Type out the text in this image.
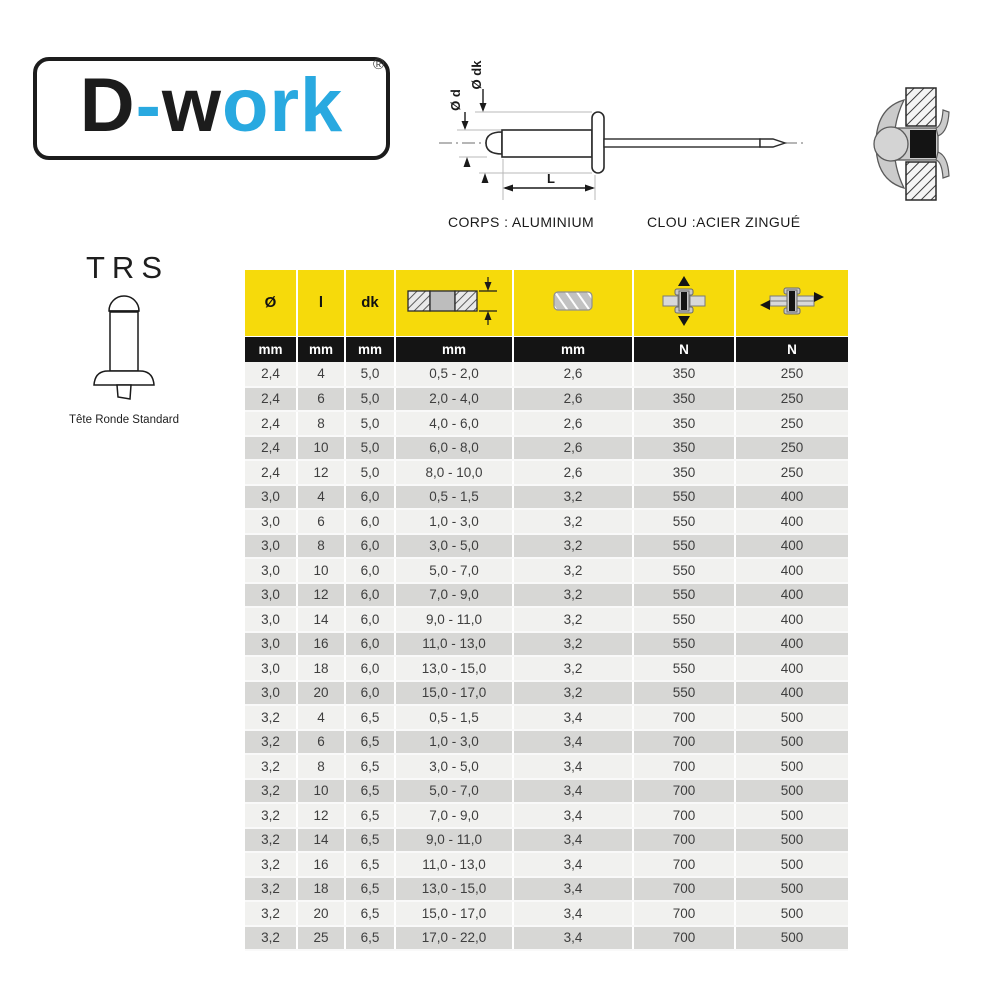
D-work ®
Ø d
Ø dk
L
CORPS : ALUMINIUM	CLOU :ACIER ZINGUÉ
TRS
Tête Ronde Standard
Ø	l	dk				
mm	mm	mm	mm	mm	N	N
2,4	4	5,0	0,5 - 2,0	2,6	350	250
2,4	6	5,0	2,0 - 4,0	2,6	350	250
2,4	8	5,0	4,0 - 6,0	2,6	350	250
2,4	10	5,0	6,0 - 8,0	2,6	350	250
2,4	12	5,0	8,0 - 10,0	2,6	350	250
3,0	4	6,0	0,5 - 1,5	3,2	550	400
3,0	6	6,0	1,0 - 3,0	3,2	550	400
3,0	8	6,0	3,0 - 5,0	3,2	550	400
3,0	10	6,0	5,0 - 7,0	3,2	550	400
3,0	12	6,0	7,0 - 9,0	3,2	550	400
3,0	14	6,0	9,0 - 11,0	3,2	550	400
3,0	16	6,0	11,0 - 13,0	3,2	550	400
3,0	18	6,0	13,0 - 15,0	3,2	550	400
3,0	20	6,0	15,0 - 17,0	3,2	550	400
3,2	4	6,5	0,5 - 1,5	3,4	700	500
3,2	6	6,5	1,0 - 3,0	3,4	700	500
3,2	8	6,5	3,0 - 5,0	3,4	700	500
3,2	10	6,5	5,0 - 7,0	3,4	700	500
3,2	12	6,5	7,0 - 9,0	3,4	700	500
3,2	14	6,5	9,0 - 11,0	3,4	700	500
3,2	16	6,5	11,0 - 13,0	3,4	700	500
3,2	18	6,5	13,0 - 15,0	3,4	700	500
3,2	20	6,5	15,0 - 17,0	3,4	700	500
3,2	25	6,5	17,0 - 22,0	3,4	700	500
